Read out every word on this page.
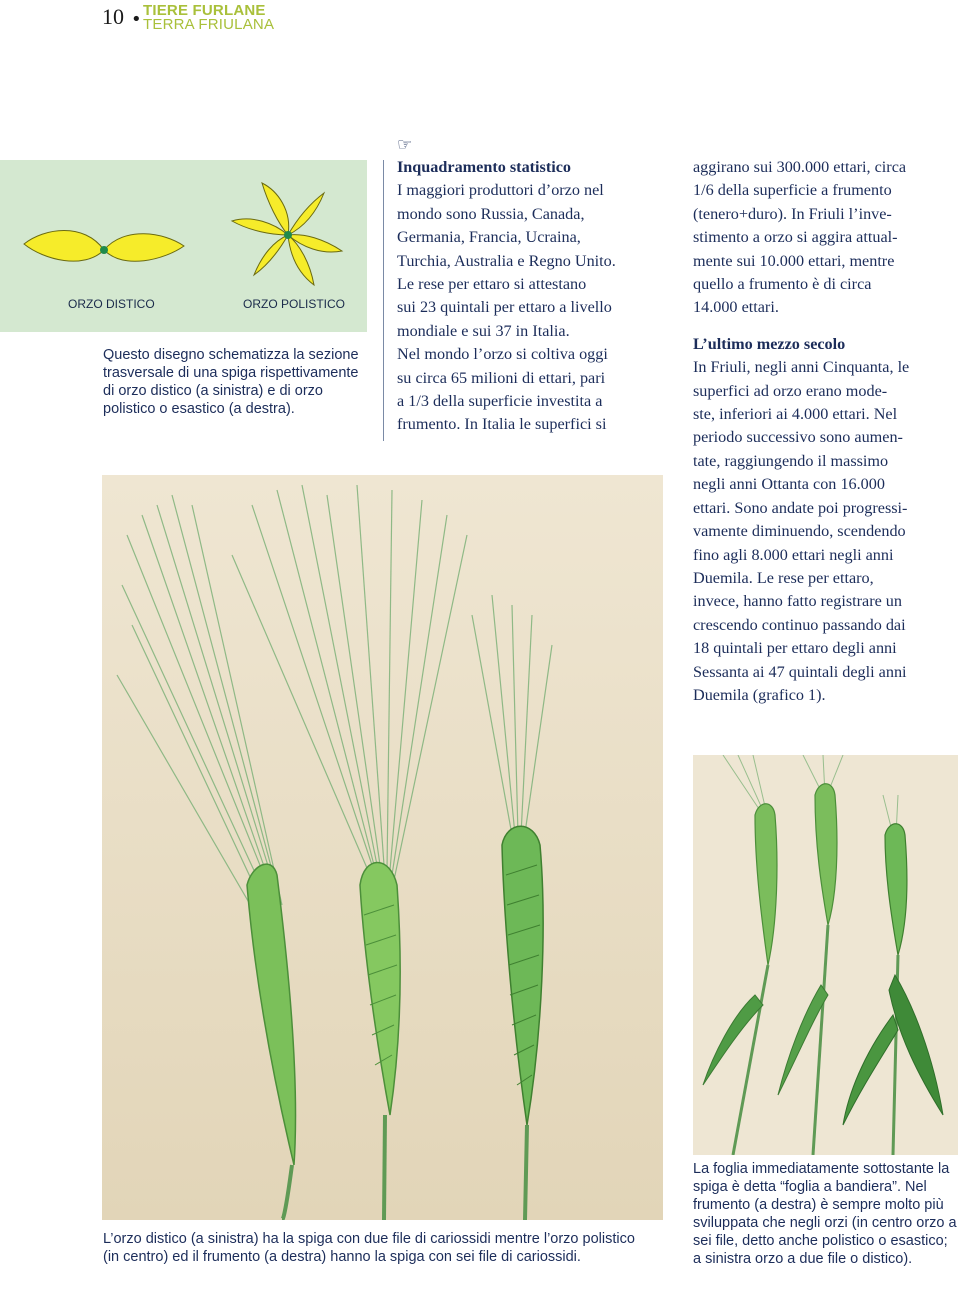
10 • TIERE FURLANE
TERRA FRIULANA
ORZO DISTICO	ORZO POLISTICO
Questo disegno schematizza la sezione trasversale di una spiga rispettivamente di orzo distico (a sinistra) e di orzo polistico o esastico (a destra).
☞

Inquadramento statistico

I maggiori produttori d’orzo nel

mondo sono Russia, Canada,

Germania, Francia, Ucraina,

Turchia, Australia e Regno Unito.

Le rese per ettaro si attestano

sui 23 quintali per ettaro a livello

mondiale e sui 37 in Italia.

Nel mondo l’orzo si coltiva oggi

su circa 65 milioni di ettari, pari

a 1/3 della superficie investita a

frumento. In Italia le superfici si

aggirano sui 300.000 ettari, circa

1/6 della superficie a frumento

(tenero+duro). In Friuli l’inve-

stimento a orzo si aggira attual-

mente sui 10.000 ettari, mentre

quello a frumento è di circa

14.000 ettari.

L’ultimo mezzo secolo

In Friuli, negli anni Cinquanta, le

superfici ad orzo erano mode-

ste, inferiori ai 4.000 ettari. Nel

periodo successivo sono aumen-

tate, raggiungendo il massimo

negli anni Ottanta con 16.000

ettari. Sono andate poi progressi-

vamente diminuendo, scendendo

fino agli 8.000 ettari negli anni

Duemila. Le rese per ettaro,

invece, hanno fatto registrare un

crescendo continuo passando dai

18 quintali per ettaro degli anni

Sessanta ai 47 quintali degli anni

Duemila (grafico 1).

L’orzo distico (a sinistra) ha la spiga con due file di cariossidi mentre l’orzo polistico (in centro) ed il frumento (a destra) hanno la spiga con sei file di cariossidi.
La foglia immediatamente sottostante la spiga è detta “foglia a bandiera”. Nel frumento (a destra) è sempre molto più sviluppata che negli orzi (in centro orzo a sei file, detto anche polistico o esastico; a sinistra orzo a due file o distico).
